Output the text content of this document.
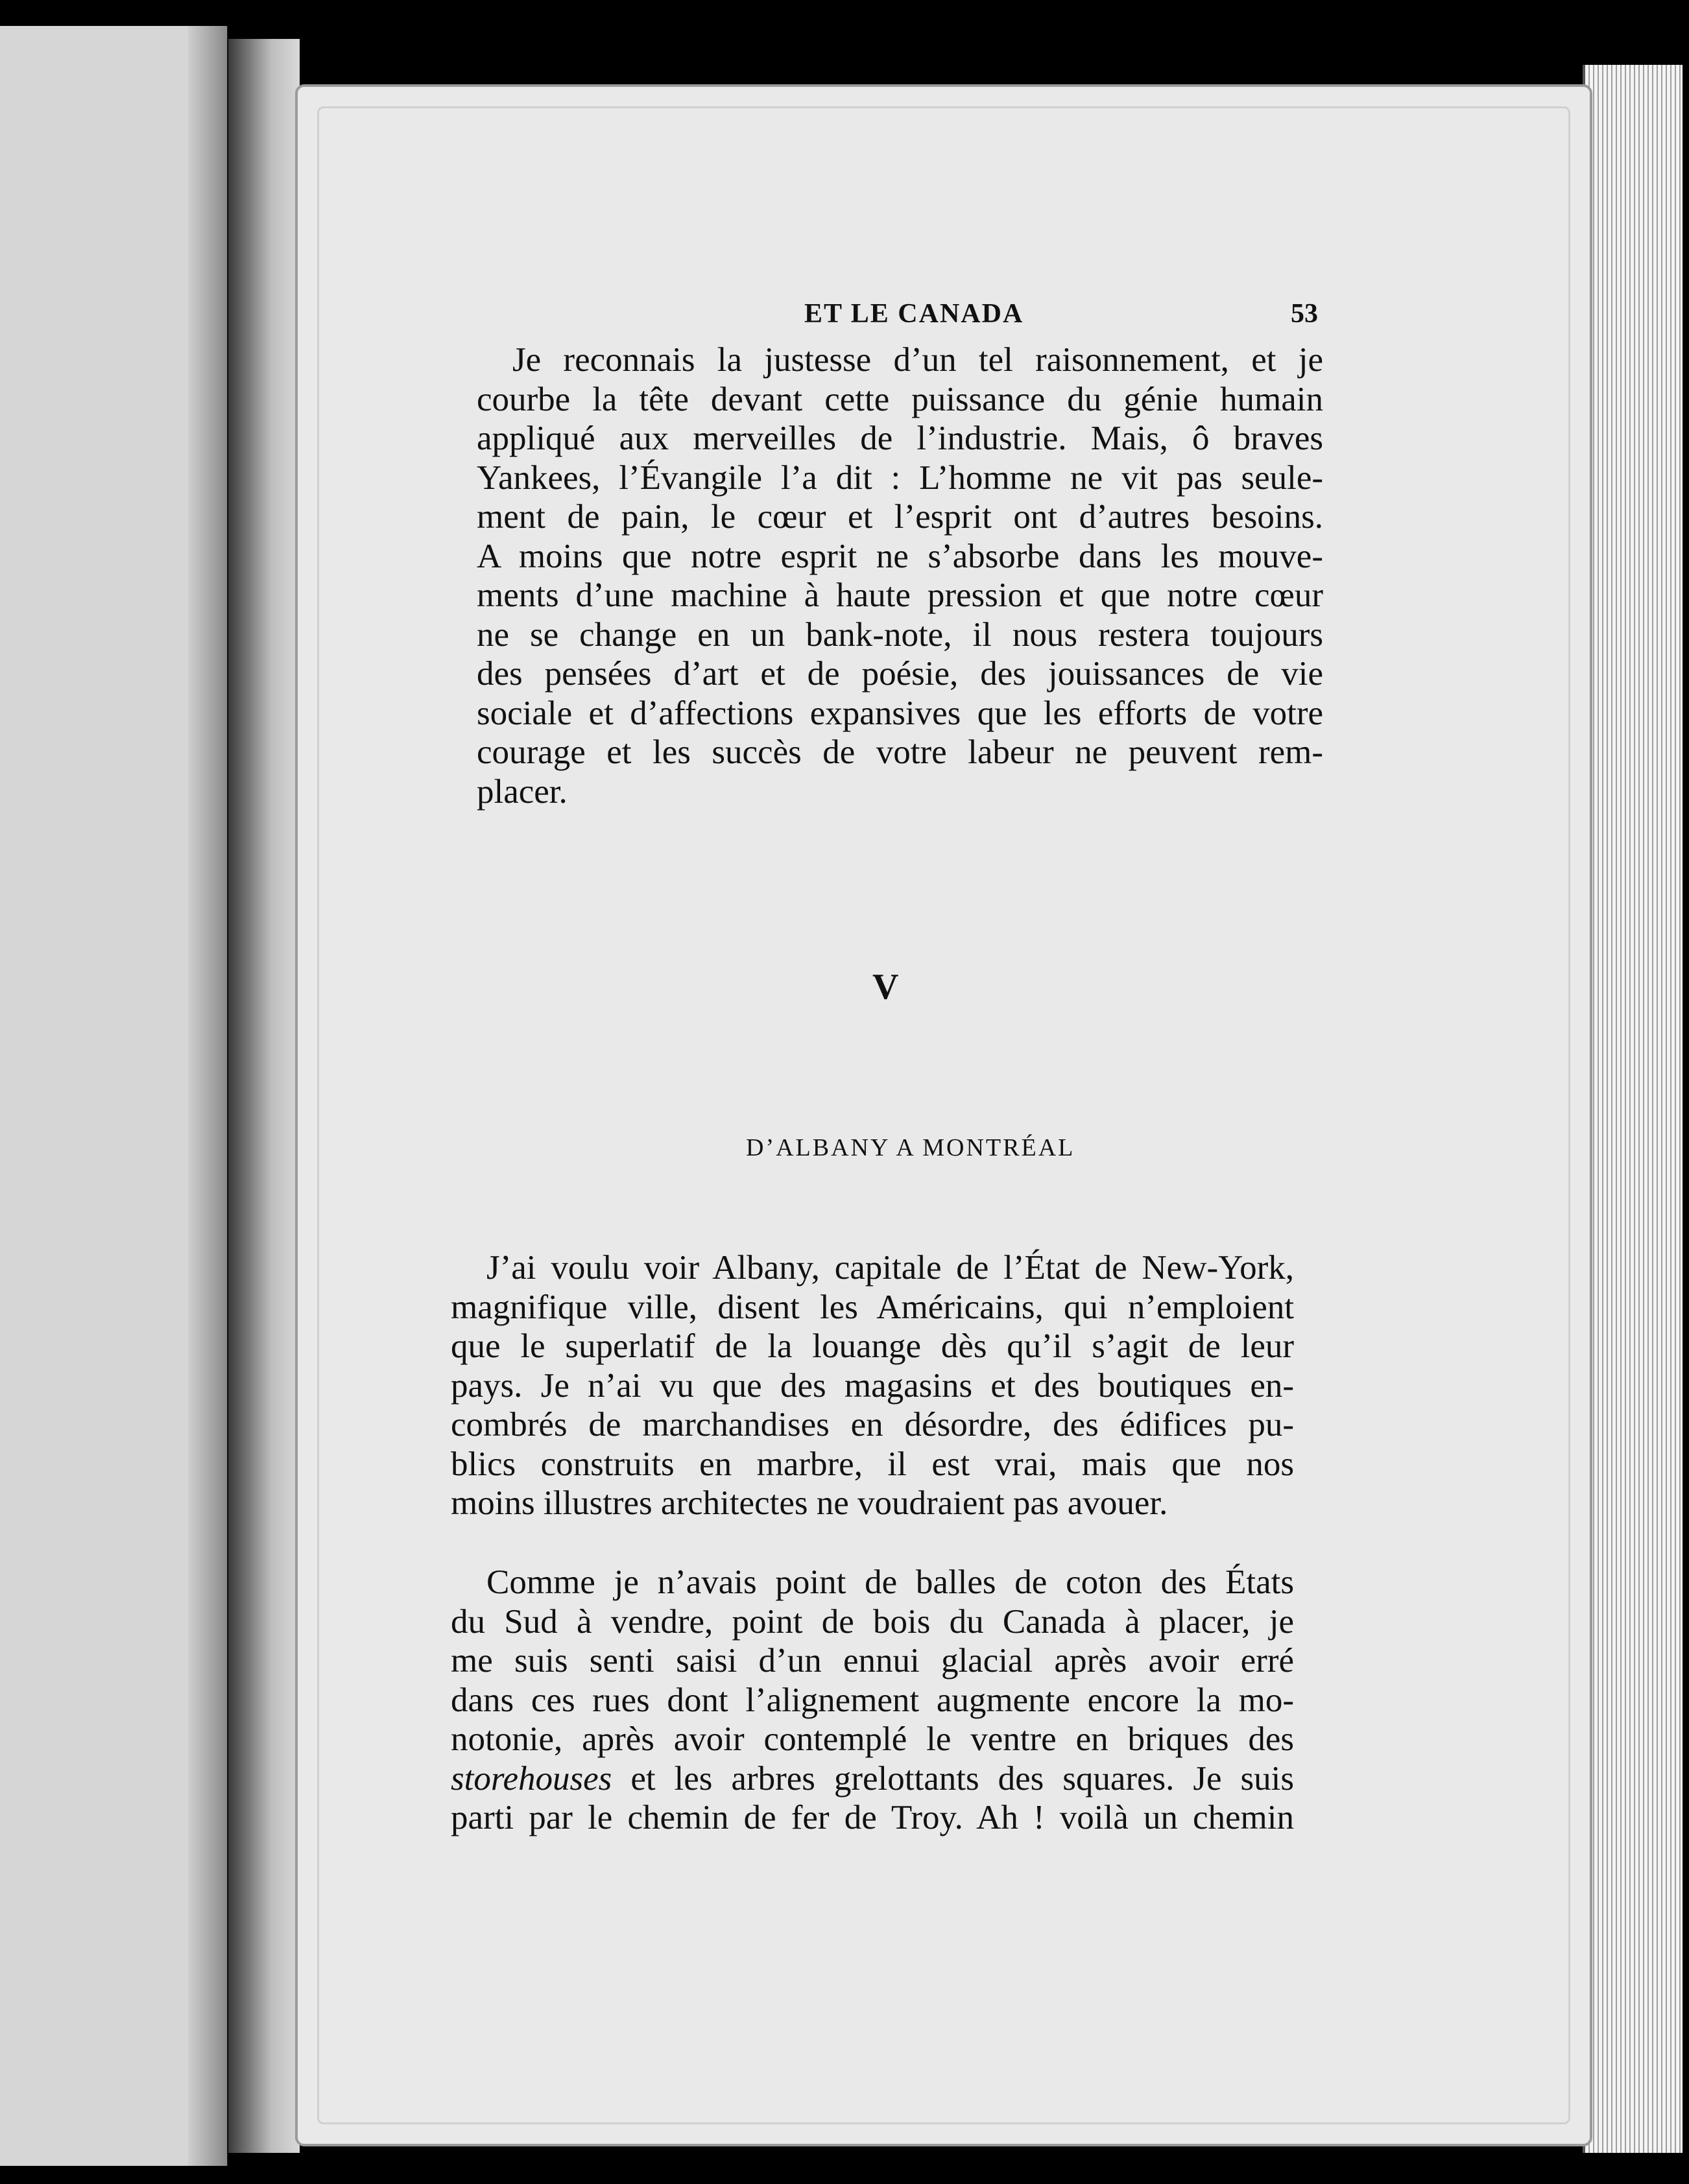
ET LE CANADA	53
Je reconnais la justesse d’un tel raisonnement, et je
courbe la tête devant cette puissance du génie humain
appliqué aux merveilles de l’industrie. Mais, ô braves
Yankees, l’Évangile l’a dit : L’homme ne vit pas seule-
ment de pain, le cœur et l’esprit ont d’autres besoins.
A moins que notre esprit ne s’absorbe dans les mouve-
ments d’une machine à haute pression et que notre cœur
ne se change en un bank-note, il nous restera toujours
des pensées d’art et de poésie, des jouissances de vie
sociale et d’affections expansives que les efforts de votre
courage et les succès de votre labeur ne peuvent rem-
placer.
V
D’ALBANY A MONTRÉAL
J’ai voulu voir Albany, capitale de l’État de New-York,
magnifique ville, disent les Américains, qui n’emploient
que le superlatif de la louange dès qu’il s’agit de leur
pays. Je n’ai vu que des magasins et des boutiques en-
combrés de marchandises en désordre, des édifices pu-
blics construits en marbre, il est vrai, mais que nos
moins illustres architectes ne voudraient pas avouer.
Comme je n’avais point de balles de coton des États
du Sud à vendre, point de bois du Canada à placer, je
me suis senti saisi d’un ennui glacial après avoir erré
dans ces rues dont l’alignement augmente encore la mo-
notonie, après avoir contemplé le ventre en briques des
storehouses et les arbres grelottants des squares. Je suis
parti par le chemin de fer de Troy. Ah ! voilà un chemin
